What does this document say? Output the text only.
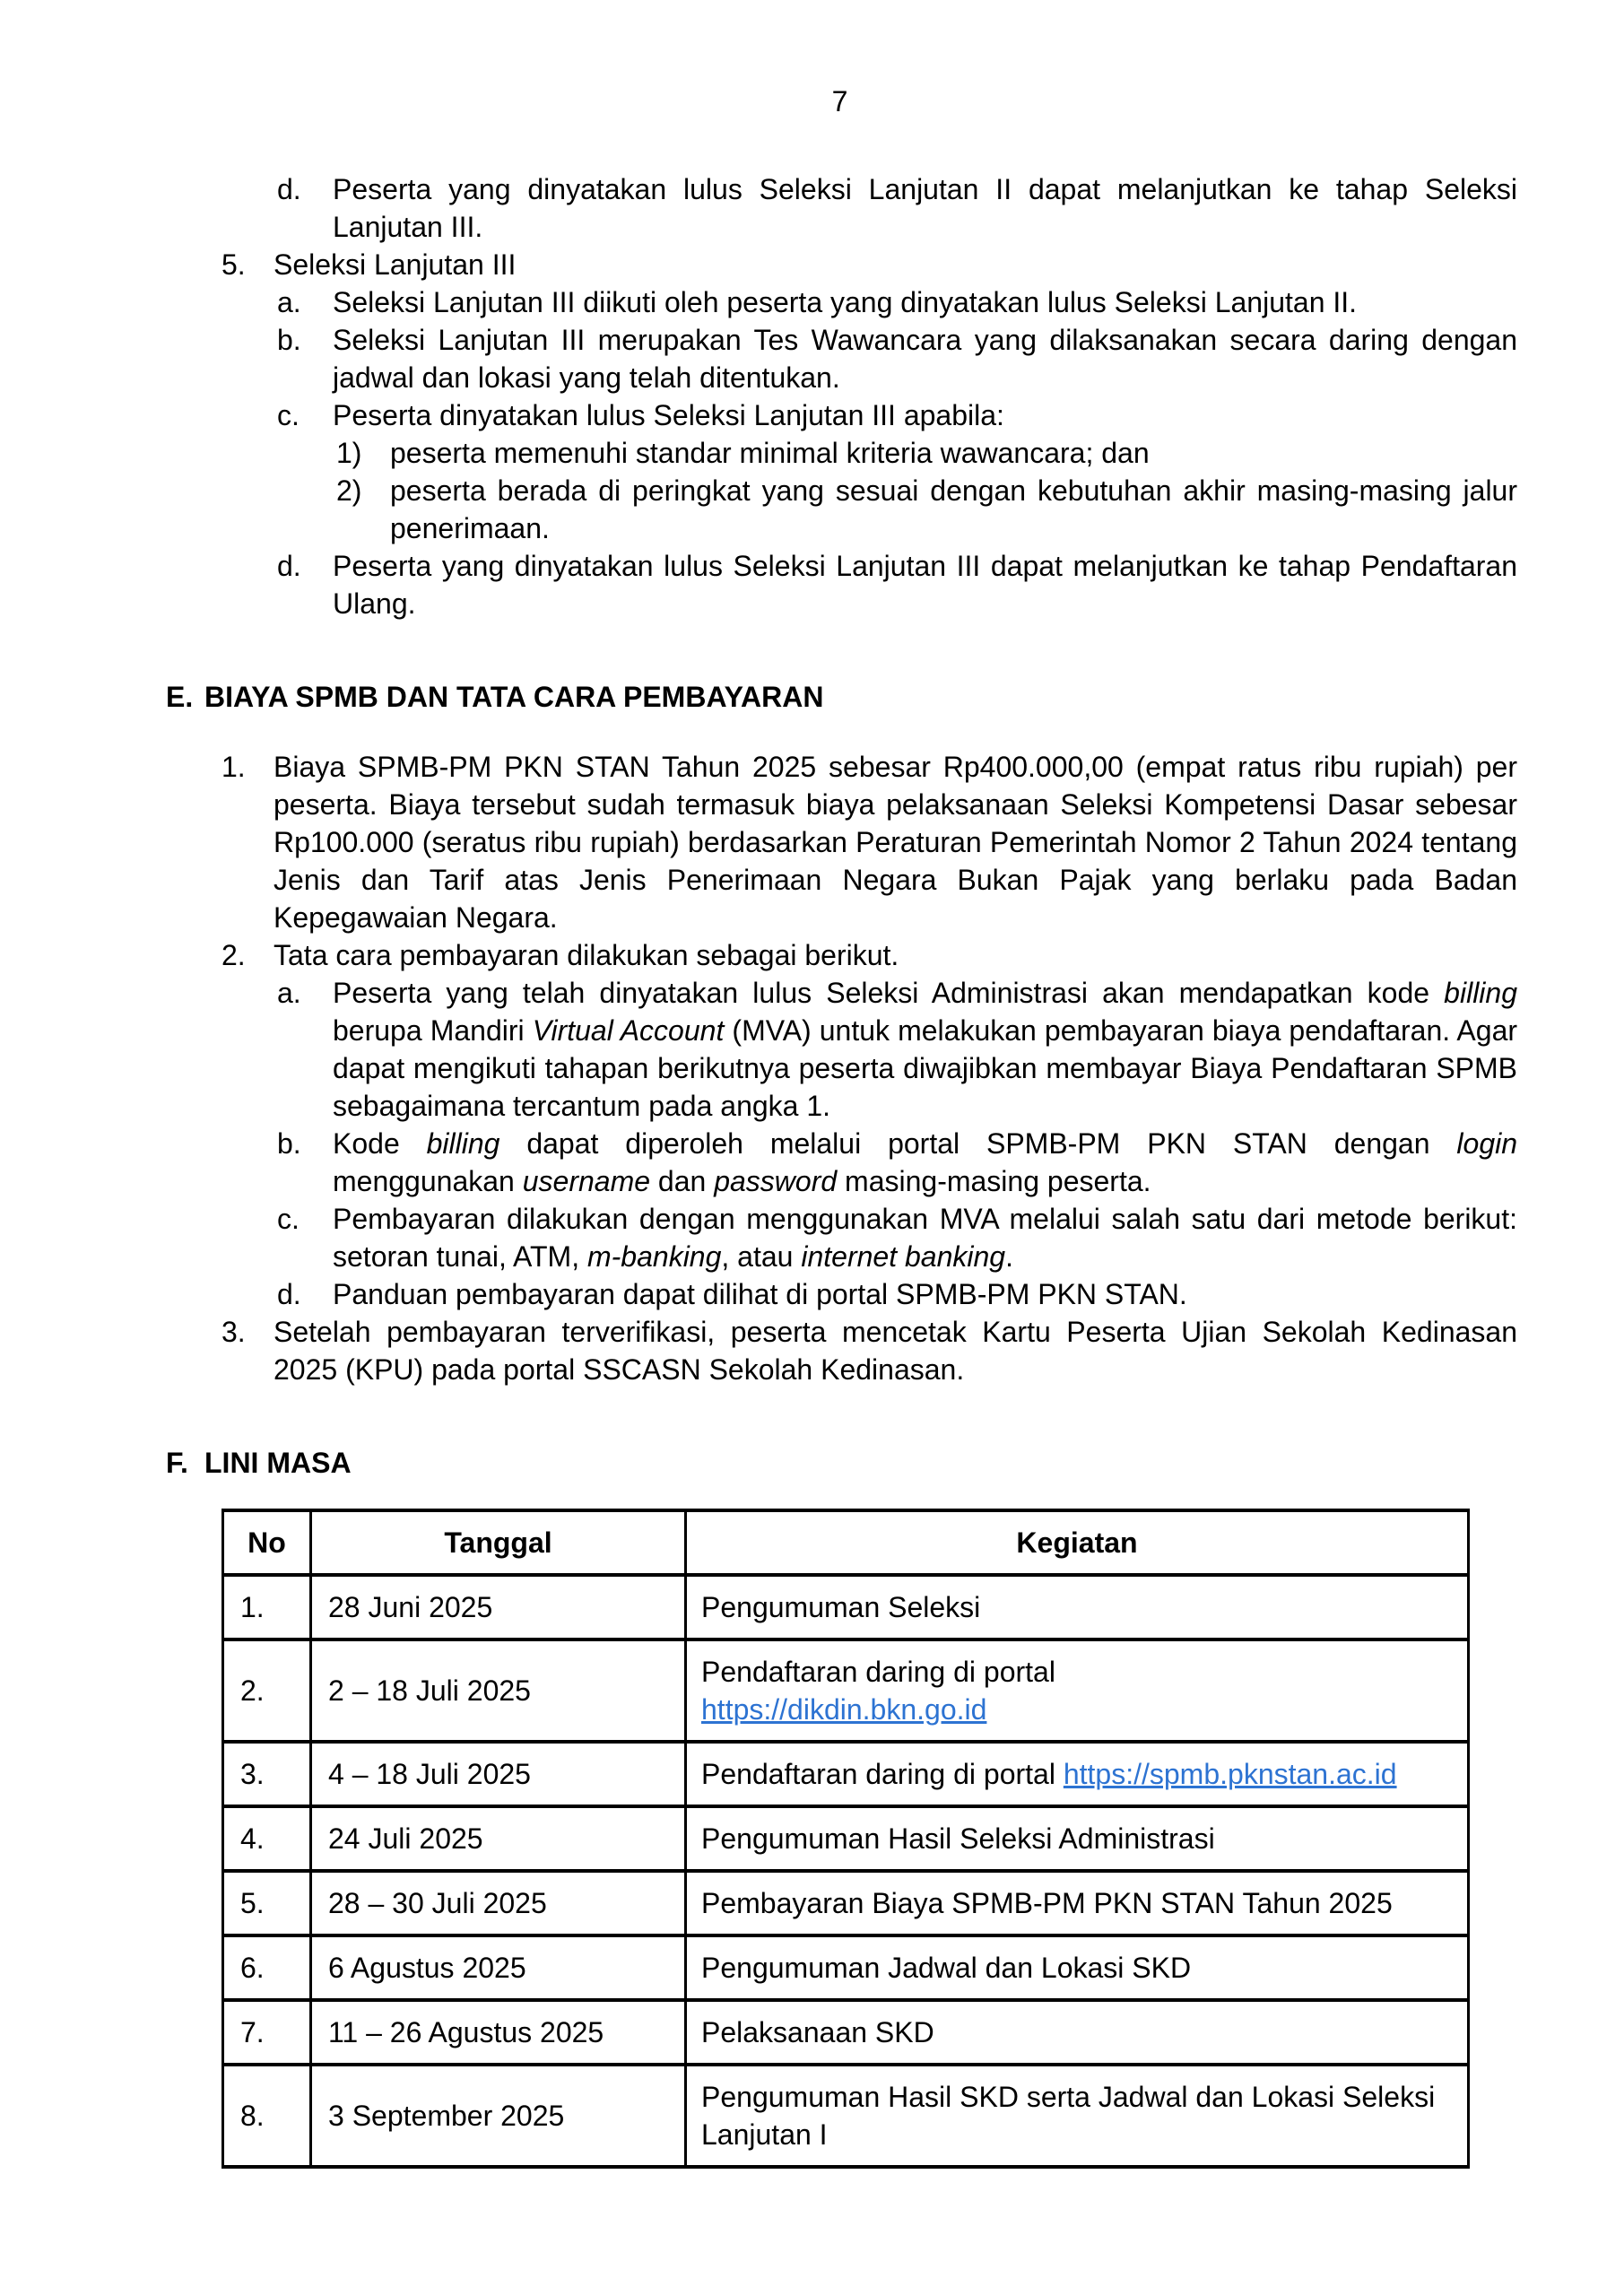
7
d.	Peserta yang dinyatakan lulus Seleksi Lanjutan II dapat melanjutkan ke tahap Seleksi Lanjutan III.
5. Seleksi Lanjutan III
a.	Seleksi Lanjutan III diikuti oleh peserta yang dinyatakan lulus Seleksi Lanjutan II.
b.	Seleksi Lanjutan III merupakan Tes Wawancara yang dilaksanakan secara daring dengan jadwal dan lokasi yang telah ditentukan.
c.	Peserta dinyatakan lulus Seleksi Lanjutan III apabila:
1) peserta memenuhi standar minimal kriteria wawancara; dan
2) peserta berada di peringkat yang sesuai dengan kebutuhan akhir masing-masing jalur penerimaan.
d.	Peserta yang dinyatakan lulus Seleksi Lanjutan III dapat melanjutkan ke tahap Pendaftaran Ulang.
E. BIAYA SPMB DAN TATA CARA PEMBAYARAN
1. Biaya SPMB-PM PKN STAN Tahun 2025 sebesar Rp400.000,00 (empat ratus ribu rupiah) per peserta. Biaya tersebut sudah termasuk biaya pelaksanaan Seleksi Kompetensi Dasar sebesar Rp100.000 (seratus ribu rupiah) berdasarkan Peraturan Pemerintah Nomor 2 Tahun 2024 tentang Jenis dan Tarif atas Jenis Penerimaan Negara Bukan Pajak yang berlaku pada Badan Kepegawaian Negara.
2. Tata cara pembayaran dilakukan sebagai berikut.
a.	Peserta yang telah dinyatakan lulus Seleksi Administrasi akan mendapatkan kode billing berupa Mandiri Virtual Account (MVA) untuk melakukan pembayaran biaya pendaftaran. Agar dapat mengikuti tahapan berikutnya peserta diwajibkan membayar Biaya Pendaftaran SPMB sebagaimana tercantum pada angka 1.
b.	Kode billing dapat diperoleh melalui portal SPMB-PM PKN STAN dengan login menggunakan username dan password masing-masing peserta.
c.	Pembayaran dilakukan dengan menggunakan MVA melalui salah satu dari metode berikut: setoran tunai, ATM, m-banking, atau internet banking.
d.	Panduan pembayaran dapat dilihat di portal SPMB-PM PKN STAN.
3. Setelah pembayaran terverifikasi, peserta mencetak Kartu Peserta Ujian Sekolah Kedinasan 2025 (KPU) pada portal SSCASN Sekolah Kedinasan.
F. LINI MASA
No	Tanggal	Kegiatan
1.	28 Juni 2025	Pengumuman Seleksi
2.	2 – 18 Juli 2025	Pendaftaran daring di portal
https://dikdin.bkn.go.id
3.	4 – 18 Juli 2025	Pendaftaran daring di portal https://spmb.pknstan.ac.id
4.	24 Juli 2025	Pengumuman Hasil Seleksi Administrasi
5.	28 – 30 Juli 2025	Pembayaran Biaya SPMB-PM PKN STAN Tahun 2025
6.	6 Agustus 2025	Pengumuman Jadwal dan Lokasi SKD
7.	11 – 26 Agustus 2025	Pelaksanaan SKD
8.	3 September 2025	Pengumuman Hasil SKD serta Jadwal dan Lokasi Seleksi Lanjutan I
